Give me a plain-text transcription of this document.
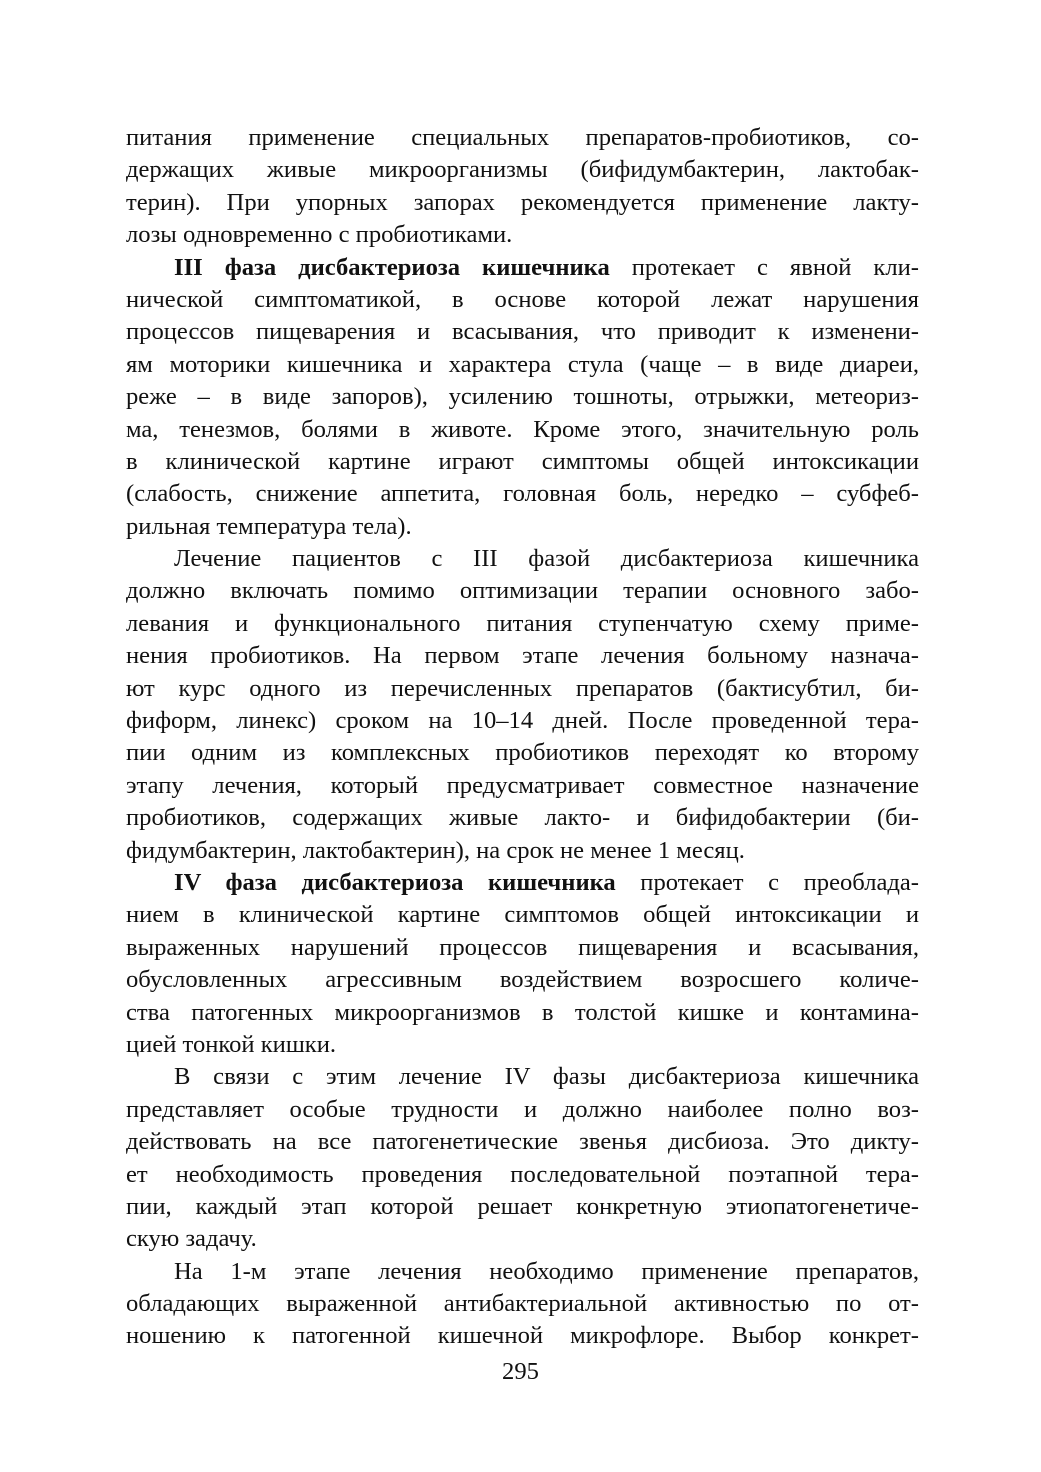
питания применение специальных препаратов-пробиотиков, со-
держащих живые микроорганизмы (бифидумбактерин, лактобак-
терин). При упорных запорах рекомендуется применение лакту-
лозы одновременно с пробиотиками.
III фаза дисбактериоза кишечника протекает с явной кли-
нической симптоматикой, в основе которой лежат нарушения
процессов пищеварения и всасывания, что приводит к изменени-
ям моторики кишечника и характера стула (чаще – в виде диареи,
реже – в виде запоров), усилению тошноты, отрыжки, метеориз-
ма, тенезмов, болями в животе. Кроме этого, значительную роль
в клинической картине играют симптомы общей интоксикации
(слабость, снижение аппетита, головная боль, нередко – субфеб-
рильная температура тела).
Лечение пациентов с III фазой дисбактериоза кишечника
должно включать помимо оптимизации терапии основного забо-
левания и функционального питания ступенчатую схему приме-
нения пробиотиков. На первом этапе лечения больному назнача-
ют курс одного из перечисленных препаратов (бактисубтил, би-
фиформ, линекс) сроком на 10–14 дней. После проведенной тера-
пии одним из комплексных пробиотиков переходят ко второму
этапу лечения, который предусматривает совместное назначение
пробиотиков, содержащих живые лакто- и бифидобактерии (би-
фидумбактерин, лактобактерин), на срок не менее 1 месяц.
IV фаза дисбактериоза кишечника протекает с преоблада-
нием в клинической картине симптомов общей интоксикации и
выраженных нарушений процессов пищеварения и всасывания,
обусловленных агрессивным воздействием возросшего количе-
ства патогенных микроорганизмов в толстой кишке и контамина-
цией тонкой кишки.
В связи с этим лечение IV фазы дисбактериоза кишечника
представляет особые трудности и должно наиболее полно воз-
действовать на все патогенетические звенья дисбиоза. Это дикту-
ет необходимость проведения последовательной поэтапной тера-
пии, каждый этап которой решает конкретную этиопатогенетиче-
скую задачу.
На 1-м этапе лечения необходимо применение препаратов,
обладающих выраженной антибактериальной активностью по от-
ношению к патогенной кишечной микрофлоре. Выбор конкрет-
295
